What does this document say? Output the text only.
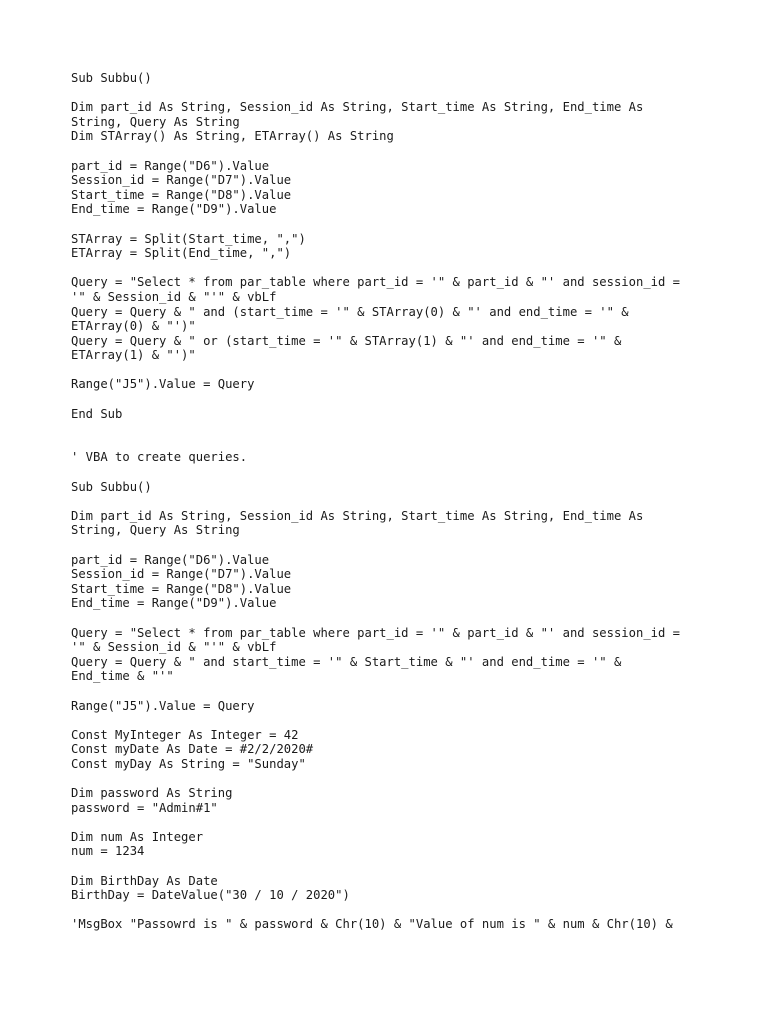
Sub Subbu()
Dim part_id As String, Session_id As String, Start_time As String, End_time As
String, Query As String
Dim STArray() As String, ETArray() As String
part_id = Range("D6").Value
Session_id = Range("D7").Value
Start_time = Range("D8").Value
End_time = Range("D9").Value
STArray = Split(Start_time, ",")
ETArray = Split(End_time, ",")
Query = "Select * from par_table where part_id = '" & part_id & "' and session_id =
'" & Session_id & "'" & vbLf
Query = Query & " and (start_time = '" & STArray(0) & "' and end_time = '" &
ETArray(0) & "')"
Query = Query & " or (start_time = '" & STArray(1) & "' and end_time = '" &
ETArray(1) & "')"
Range("J5").Value = Query
End Sub
' VBA to create queries.
Sub Subbu()
Dim part_id As String, Session_id As String, Start_time As String, End_time As
String, Query As String
part_id = Range("D6").Value
Session_id = Range("D7").Value
Start_time = Range("D8").Value
End_time = Range("D9").Value
Query = "Select * from par_table where part_id = '" & part_id & "' and session_id =
'" & Session_id & "'" & vbLf
Query = Query & " and start_time = '" & Start_time & "' and end_time = '" &
End_time & "'"
Range("J5").Value = Query
Const MyInteger As Integer = 42
Const myDate As Date = #2/2/2020#
Const myDay As String = "Sunday"
Dim password As String
password = "Admin#1"
Dim num As Integer
num = 1234
Dim BirthDay As Date
BirthDay = DateValue("30 / 10 / 2020")
'MsgBox "Passowrd is " & password & Chr(10) & "Value of num is " & num & Chr(10) &
